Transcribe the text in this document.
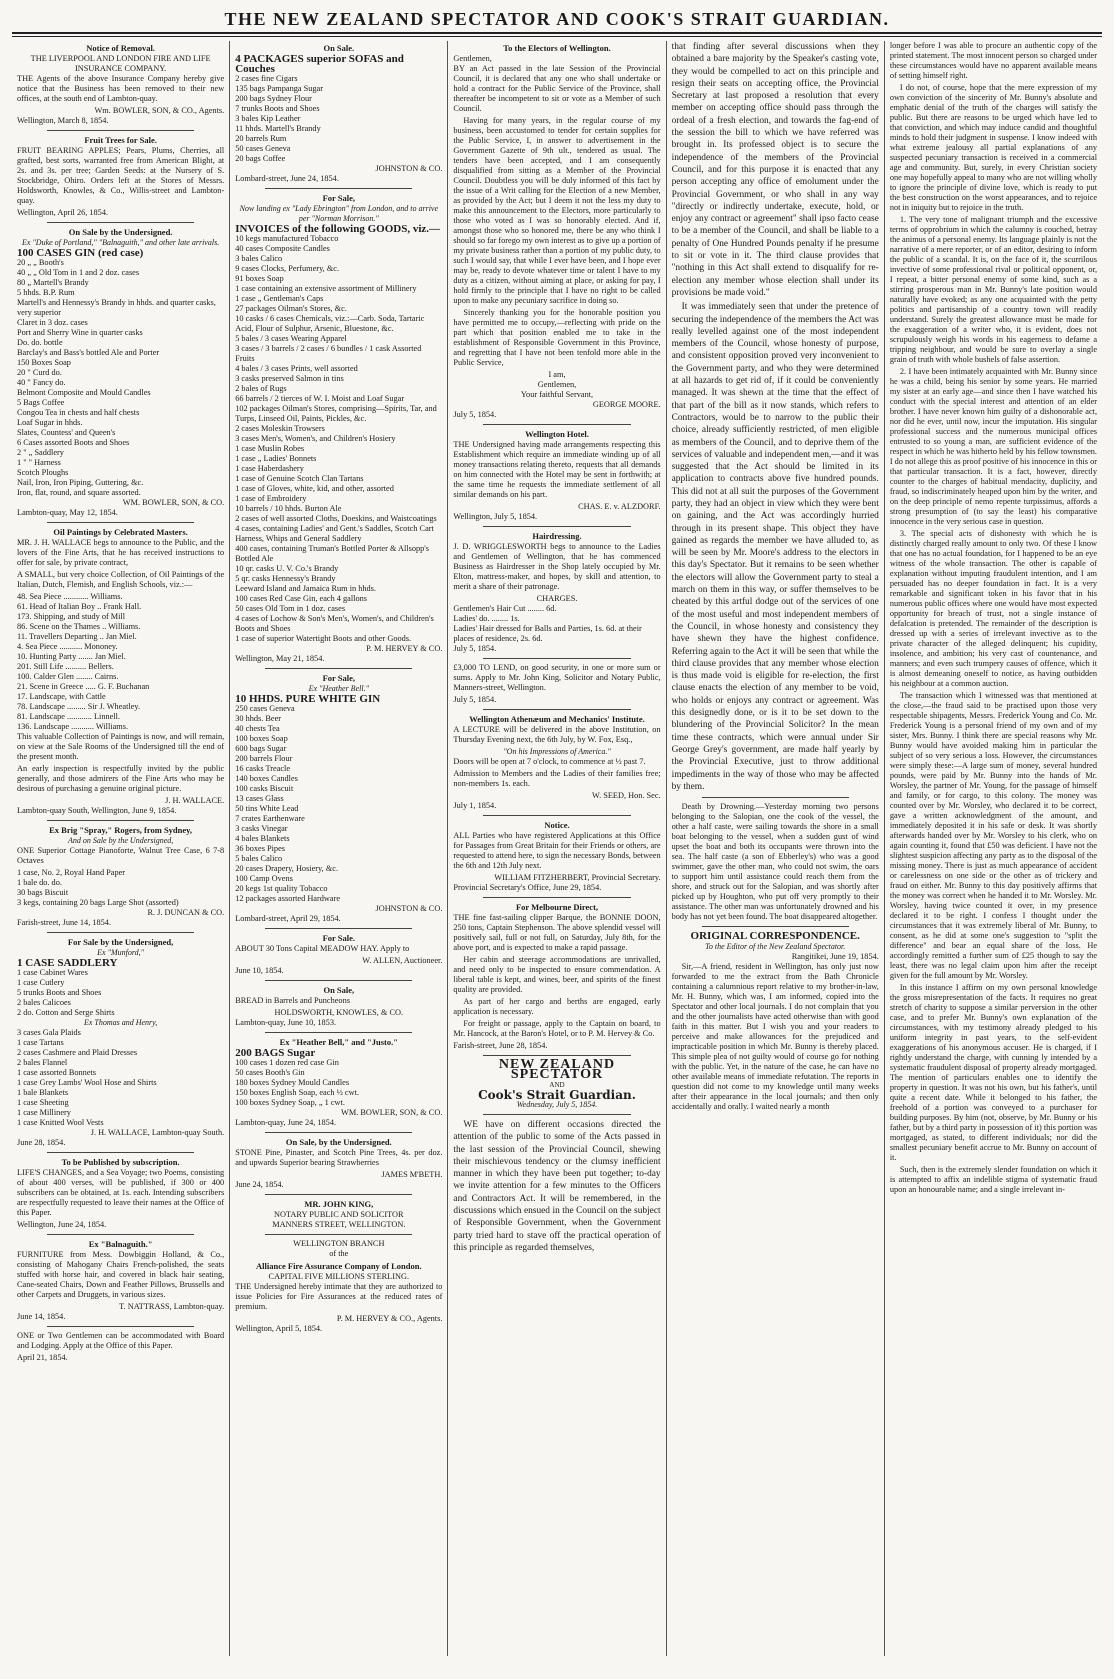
THE NEW ZEALAND SPECTATOR AND COOK'S STRAIT GUARDIAN.
Notice of Removal.
THE LIVERPOOL AND LONDON FIRE AND LIFE INSURANCE COMPANY.

THE Agents of the above Insurance Company hereby give notice that the Business has been removed to their new offices, at the south end of Lambton-quay.

Wm. BOWLER, SON, & CO., Agents.
Wellington, March 8, 1854.
Fruit Trees for Sale.

FRUIT BEARING APPLES; Pears, Plums, Cherries, all grafted, best sorts, warranted free from American Blight, at 2s. and 3s. per tree; Garden Seeds: at the Nursery of S. Stockbridge, Ohiro. Orders left at the Stores of Messrs. Holdsworth, Knowles, & Co., Willis-street and Lambton-quay.

Wellington, April 26, 1854.
On Sale by the Undersigned.
Ex "Duke of Portland," "Balnaguith," and other late arrivals.
100 CASES GIN (red case)
20 „ „ Booth's
40 „ „ Old Tom in 1 and 2 doz. cases
80 „ Martell's Brandy
5 hhds. B.P. Rum
Martell's and Hennessy's Brandy in hhds. and quarter casks, very superior
Claret in 3 doz. cases
Port and Sherry Wine in quarter casks
Do. do. bottle
Barclay's and Bass's bottled Ale and Porter
150 Boxes Soap
20 " Curd do.
40 " Fancy do.
Belmont Composite and Mould Candles
5 Bags Coffee
Congou Tea in chests and half chests
Loaf Sugar in hhds.
Slates, Countess' and Queen's
6 Cases assorted Boots and Shoes
2 " „ Saddlery
1 " " Harness
Scotch Ploughs
Nail, Iron, Iron Piping, Guttering, &c.
Iron, flat, round, and square assorted.
WM. BOWLER, SON, & CO.
Lambton-quay, May 12, 1854.
Oil Paintings by Celebrated Masters.

MR. J. H. WALLACE begs to announce to the Public, and the lovers of the Fine Arts, that he has received instructions to offer for sale, by private contract,

A SMALL, but very choice Collection, of Oil Paintings of the Italian, Dutch, Flemish, and English Schools, viz.:—

48. Sea Piece ............ Williams.
61. Head of Italian Boy .. Frank Hall.
173. Shipping, and study of Mill
86. Scene on the Thames .. Williams.
11. Travellers Departing .. Jan Miel.
4. Sea Piece ........... Mononey.
10. Hunting Party ....... Jan Miel.
201. Still Life .......... Bellers.
100. Calder Glen ........ Cairns.
21. Scene in Greece ..... G. F. Buchanan
17. Landscape, with Cattle
78. Landscape ......... Sir J. Wheatley.
81. Landscape ............ Linnell.
136. Landscape ........... Williams.

This valuable Collection of Paintings is now, and will remain, on view at the Sale Rooms of the Undersigned till the end of the present month.

An early inspection is respectfully invited by the public generally, and those admirers of the Fine Arts who may be desirous of purchasing a genuine original picture.

J. H. WALLACE.
Lambton-quay South, Wellington, June 9, 1854.
Ex Brig "Spray," Rogers, from Sydney,
And on Sale by the Undersigned,

ONE Superior Cottage Pianoforte, Walnut Tree Case, 6 7-8 Octaves

1 case, No. 2, Royal Hand Paper
1 bale do. do.
30 bags Biscuit
3 kegs, containing 20 bags Large Shot (assorted)
R. J. DUNCAN & CO.
Farish-street, June 14, 1854.
For Sale by the Undersigned,
Ex "Munford,"
1 CASE SADDLERY
1 case Cabinet Wares
1 case Cutlery
5 trunks Boots and Shoes
2 bales Calicoes
2 do. Cotton and Serge Shirts
Ex Thomas and Henry,
3 cases Gala Plaids
1 case Tartans
2 cases Cashmere and Plaid Dresses
2 bales Flannel
1 case assorted Bonnets
1 case Grey Lambs' Wool Hose and Shirts
1 bale Blankets
1 case Sheeting
1 case Millinery
1 case Knitted Wool Vests
J. H. WALLACE, Lambton-quay South.
June 28, 1854.
To be Published by subscription.

LIFE'S CHANGES, and a Sea Voyage; two Poems, consisting of about 400 verses, will be published, if 300 or 400 subscribers can be obtained, at 1s. each. Intending subscribers are respectfully requested to leave their names at the Office of this Paper.

Wellington, June 24, 1854.
Ex "Balnaguith."

FURNITURE from Mess. Dowbiggin Holland, & Co., consisting of Mahogany Chairs French-polished, the seats stuffed with horse hair, and covered in black hair seating, Cane-seated Chairs, Down and Feather Pillows, Brussells and other Carpets and Druggets, in various sizes.

T. NATTRASS, Lambton-quay.
June 14, 1854.

ONE or Two Gentlemen can be accommodated with Board and Lodging. Apply at the Office of this Paper.

April 21, 1854.
On Sale.
4 PACKAGES superior SOFAS and Couches
2 cases fine Cigars
135 bags Pampanga Sugar
200 bags Sydney Flour
7 trunks Boots and Shoes
3 bales Kip Leather
11 hhds. Martell's Brandy
20 barrels Rum
50 cases Geneva
20 bags Coffee
JOHNSTON & CO.
Lombard-street, June 24, 1854.
For Sale,
Now landing ex "Lady Ebrington" from London, and to arrive per "Norman Morrison."
INVOICES of the following GOODS, viz.—
10 kegs manufactured Tobacco
40 cases Composite Candles
3 bales Calico
9 cases Clocks, Perfumery, &c.
91 boxes Soap
1 case containing an extensive assortment of Millinery
1 case „ Gentleman's Caps
27 packages Oilman's Stores, &c.
10 casks / 6 cases Chemicals, viz.:—Carb. Soda, Tartaric Acid, Flour of Sulphur, Arsenic, Bluestone, &c.
5 bales / 3 cases Wearing Apparel
3 cases / 3 barrels / 2 cases / 6 bundles / 1 cask Assorted Fruits
4 bales / 3 cases Prints, well assorted
3 casks preserved Salmon in tins
2 bales of Rugs
66 barrels / 2 tierces of W. I. Moist and Loaf Sugar
102 packages Oilman's Stores, comprising—Spirits, Tar, and Turps, Linseed Oil, Paints, Pickles, &c.
2 cases Moleskin Trowsers
3 cases Men's, Women's, and Children's Hosiery
1 case Muslin Robes
1 case „ Ladies' Bonnets
1 case Haberdashery
1 case of Genuine Scotch Clan Tartans
1 case of Gloves, white, kid, and other, assorted
1 case of Embroidery
10 barrels / 10 hhds. Burton Ale
2 cases of well assorted Cloths, Doeskins, and Waistcoatings
4 cases, containing Ladies' and Gent.'s Saddles, Scotch Cart Harness, Whips and General Saddlery
400 cases, containing Truman's Bottled Porter & Allsopp's Bottled Ale
10 qr. casks U. V. Co.'s Brandy
5 qr. casks Hennessy's Brandy
Leeward Island and Jamaica Rum in hhds.
100 cases Red Case Gin, each 4 gallons
50 cases Old Tom in 1 doz. cases
4 cases of Lochow & Son's Men's, Women's, and Children's Boots and Shoes
1 case of superior Watertight Boots and other Goods.
P. M. HERVEY & CO.
Wellington, May 21, 1854.
For Sale,
Ex "Heather Bell."
10 HHDS. PURE WHITE GIN
250 cases Geneva
30 hhds. Beer
40 chests Tea
100 boxes Soap
600 bags Sugar
200 barrels Flour
16 casks Treacle
140 boxes Candles
100 casks Biscuit
13 cases Glass
50 tins White Lead
7 crates Earthenware
3 casks Vinegar
4 bales Blankets
36 boxes Pipes
5 bales Calico
20 cases Drapery, Hosiery, &c.
100 Camp Ovens
20 kegs 1st quality Tobacco
12 packages assorted Hardware
JOHNSTON & CO.
Lombard-street, April 29, 1854.
For Sale.

ABOUT 30 Tons Capital MEADOW HAY. Apply to

W. ALLEN, Auctioneer.
June 10, 1854.
On Sale,

BREAD in Barrels and Puncheons

HOLDSWORTH, KNOWLES, & CO.
Lambton-quay, June 10, 1853.
Ex "Heather Bell," and "Justo."
200 BAGS Sugar
100 cases 1 dozen red case Gin
50 cases Booth's Gin
180 boxes Sydney Mould Candles
150 boxes English Soap, each ½ cwt.
100 boxes Sydney Soap, „ 1 cwt.
WM. BOWLER, SON, & CO.
Lambton-quay, June 24, 1854.
On Sale, by the Undersigned.

STONE Pine, Pinaster, and Scotch Pine Trees, 4s. per doz. and upwards Superior bearing Strawberries

JAMES M'BETH.
June 24, 1854.
MR. JOHN KING,
NOTARY PUBLIC AND SOLICITOR
MANNERS STREET, WELLINGTON.
WELLINGTON BRANCH
of the
Alliance Fire Assurance Company of London.
CAPITAL FIVE MILLIONS STERLING.

THE Undersigned hereby intimate that they are authorized to issue Policies for Fire Assurances at the reduced rates of premium.

P. M. HERVEY & CO., Agents.
Wellington, April 5, 1854.
To the Electors of Wellington.
Gentlemen,

BY an Act passed in the late Session of the Provincial Council, it is declared that any one who shall undertake or hold a contract for the Public Service of the Province, shall thereafter be incompetent to sit or vote as a Member of such Council.

Having for many years, in the regular course of my business, been accustomed to tender for certain supplies for the Public Service, I, in answer to advertisement in the Government Gazette of 9th ult., tendered as usual. The tenders have been accepted, and I am consequently disqualified from sitting as a Member of the Provincial Council. Doubtless you will be duly informed of this fact by the issue of a Writ calling for the Election of a new Member, as provided by the Act; but I deem it not the less my duty to make this announcement to the Electors, more particularly to those who voted as I was so honorably elected. And if, amongst those who so honored me, there be any who think I should so far forego my own interest as to give up a portion of my private business rather than a portion of my public duty, to such I would say, that while I ever have been, and I hope ever may be, ready to devote whatever time or talent I have to my duty as a citizen, without aiming at place, or asking for pay, I hold firmly to the principle that I have no right to be called upon to make any pecuniary sacrifice in doing so.

Sincerely thanking you for the honorable position you have permitted me to occupy,—reflecting with pride on the part which that position enabled me to take in the establishment of Responsible Government in this Province, and regretting that I have not been tenfold more able in the Public Service,

I am,
Gentlemen,
Your faithful Servant,
GEORGE MOORE.
July 5, 1854.
Wellington Hotel.

THE Undersigned having made arrangements respecting this Establishment which require an immediate winding up of all money transactions relating thereto, requests that all demands on him connected with the Hotel may be sent in forthwith; at the same time he requests the immediate settlement of all similar demands on his part.

CHAS. E. v. ALZDORF.
Wellington, July 5, 1854.
Hairdressing.

J. D. WRIGGLESWORTH begs to announce to the Ladies and Gentlemen of Wellington, that he has commenced Business as Hairdresser in the Shop lately occupied by Mr. Elton, mattress-maker, and hopes, by skill and attention, to merit a share of their patronage.

CHARGES.
Gentlemen's Hair Cut ........ 6d.
Ladies' do. ........ 1s.
Ladies' Hair dressed for Balls and Parties, 1s. 6d. at their places of residence, 2s. 6d.
July 5, 1854.

£3,000 TO LEND, on good security, in one or more sum or sums. Apply to Mr. John King, Solicitor and Notary Public, Manners-street, Wellington.

July 5, 1854.
Wellington Athenæum and Mechanics' Institute.

A LECTURE will be delivered in the above Institution, on Thursday Evening next, the 6th July, by W. Fox, Esq.,

"On his Impressions of America."

Doors will be open at 7 o'clock, to commence at ½ past 7.

Admission to Members and the Ladies of their families free; non-members 1s. each.

W. SEED, Hon. Sec.
July 1, 1854.
Notice.

ALL Parties who have registered Applications at this Office for Passages from Great Britain for their Friends or others, are requested to attend here, to sign the necessary Bonds, between the 6th and 12th July next.

WILLIAM FITZHERBERT, Provincial Secretary.
Provincial Secretary's Office, June 29, 1854.
For Melbourne Direct,

THE fine fast-sailing clipper Barque, the BONNIE DOON, 250 tons, Captain Stephenson. The above splendid vessel will positively sail, full or not full, on Saturday, July 8th, for the above port, and is expected to make a rapid passage.

Her cabin and steerage accommodations are unrivalled, and need only to be inspected to ensure commendation. A liberal table is kept, and wines, beer, and spirits of the finest quality are provided.

As part of her cargo and berths are engaged, early application is necessary.

For freight or passage, apply to the Captain on board, to Mr. Hancock, at the Baron's Hotel, or to P. M. Hervey & Co.

Farish-street, June 28, 1854.
NEW ZEALAND SPECTATOR
AND
Cook's Strait Guardian.
Wednesday, July 5, 1854.

WE have on different occasions directed the attention of the public to some of the Acts passed in the last session of the Provincial Council, shewing their mischievous tendency or the clumsy inefficient manner in which they have been put together; to-day we invite attention for a few minutes to the Officers and Contractors Act. It will be remembered, in the discussions which ensued in the Council on the subject of Responsible Government, when the Government party tried hard to stave off the practical operation of this principle as regarded themselves,

that finding after several discussions when they obtained a bare majority by the Speaker's casting vote, they would be compelled to act on this principle and resign their seats on accepting office, the Provincial Secretary at last proposed a resolution that every member on accepting office should pass through the ordeal of a fresh election, and towards the fag-end of the session the bill to which we have referred was brought in. Its professed object is to secure the independence of the members of the Provincial Council, and for this purpose it is enacted that any person accepting any office of emolument under the Provincial Government, or who shall in any way "directly or indirectly undertake, execute, hold, or enjoy any contract or agreement" shall ipso facto cease to be a member of the Council, and shall be liable to a penalty of One Hundred Pounds penalty if he presume to sit or vote in it. The third clause provides that "nothing in this Act shall extend to disqualify for re-election any member whose election shall under its provisions be made void."

It was immediately seen that under the pretence of securing the independence of the members the Act was really levelled against one of the most independent members of the Council, whose honesty of purpose, and consistent opposition proved very inconvenient to the Government party, and who they were determined at all hazards to get rid of, if it could be conveniently managed. It was shewn at the time that the effect of that part of the bill as it now stands, which refers to Contractors, would be to narrow to the public their choice, already sufficiently restricted, of men eligible as members of the Council, and to deprive them of the services of valuable and independent men,—and it was suggested that the Act should be limited in its application to contracts above five hundred pounds. This did not at all suit the purposes of the Government party, they had an object in view which they were bent on gaining, and the Act was accordingly hurried through in its present shape. This object they have gained as regards the member we have alluded to, as will be seen by Mr. Moore's address to the electors in this day's Spectator. But it remains to be seen whether the electors will allow the Government party to steal a march on them in this way, or suffer themselves to be cheated by this artful dodge out of the services of one of the most useful and most independent members of the Council, in whose honesty and consistency they have shewn they have the highest confidence. Referring again to the Act it will be seen that while the third clause provides that any member whose election is thus made void is eligible for re-election, the first clause enacts the election of any member to be void, who holds or enjoys any contract or agreement. Was this designedly done, or is it to be set down to the blundering of the Provincial Solicitor? In the mean time these contracts, which were annual under Sir George Grey's government, are made half yearly by the Provincial Executive, just to throw additional impediments in the way of those who may be affected by them.

Death by Drowning.—Yesterday morning two persons belonging to the Salopian, one the cook of the vessel, the other a half caste, were sailing towards the shore in a small boat belonging to the vessel, when a sudden gust of wind upset the boat and both its occupants were thrown into the sea. The half caste (a son of Ebberley's) who was a good swimmer, gave the other man, who could not swim, the oars to support him until assistance could reach them from the shore, and struck out for the Salopian, and was shortly after picked up by Houghton, who put off very promptly to their assistance. The other man was unfortunately drowned and his body has not yet been found. The boat disappeared altogether.

ORIGINAL CORRESPONDENCE.
To the Editor of the New Zealand Spectator.
Rangitikei, June 19, 1854.

Sir,—A friend, resident in Wellington, has only just now forwarded to me the extract from the Bath Chronicle containing a calumnious report relative to my brother-in-law, Mr. H. Bunny, which was, I am informed, copied into the Spectator and other local journals. I do not complain that you and the other journalists have acted otherwise than with good faith in this matter. But I wish you and your readers to perceive and make allowances for the prejudiced and impracticable position in which Mr. Bunny is thereby placed. This simple plea of not guilty would of course go for nothing with the public. Yet, in the nature of the case, he can have no other available means of immediate refutation. The reports in question did not come to my knowledge until many weeks after their appearance in the local journals; and then only accidentally and orally. I waited nearly a month

longer before I was able to procure an authentic copy of the printed statement. The most innocent person so charged under these circumstances would have no apparent available means of setting himself right.

I do not, of course, hope that the mere expression of my own conviction of the sincerity of Mr. Bunny's absolute and emphatic denial of the truth of the charges will satisfy the public. But there are reasons to be urged which have led to that conviction, and which may induce candid and thoughtful minds to hold their judgment in suspense. I know indeed with what extreme jealousy all partial explanations of any suspected pecuniary transaction is received in a commercial age and community. But, surely, in every Christian society one may hopefully appeal to many who are not willing wholly to ignore the principle of divine love, which is ready to put the best construction on the worst appearances, and to rejoice not in iniquity but to rejoice in the truth.

1. The very tone of malignant triumph and the excessive terms of opprobrium in which the calumny is couched, betray the animus of a personal enemy. Its language plainly is not the narrative of a mere reporter, or of an editor, desiring to inform the public of a scandal. It is, on the face of it, the scurrilous invective of some professional rival or political opponent, or, I repeat, a bitter personal enemy of some kind, such as a stirring prosperous man in Mr. Bunny's late position would naturally have evoked; as any one acquainted with the petty politics and partisanship of a country town will readily understand. Surely the greatest allowance must be made for the exaggeration of a writer who, it is evident, does not scrupulously weigh his words in his eagerness to defame a tripping neighbour, and would be sure to overlay a single grain of truth with whole bushels of false assertion.

2. I have been intimately acquainted with Mr. Bunny since he was a child, being his senior by some years. He married my sister at an early age—and since then I have watched his conduct with the special interest and attention of an elder brother. I have never known him guilty of a dishonorable act, nor did he ever, until now, incur the imputation. His singular professional success and the numerous municipal offices entrusted to so young a man, are sufficient evidence of the respect in which he was hitherto held by his fellow townsmen. I do not allege this as proof positive of his innocence in this or that particular transaction. It is a fact, however, directly counter to the charges of habitual mendacity, duplicity, and fraud, so indiscriminately heaped upon him by the writer, and on the deep principle of nemo repente turpissimus, affords a strong presumption of (to say the least) his comparative innocence in the very serious case in question.

3. The special acts of dishonesty with which he is distinctly charged really amount to only two. Of these I know that one has no actual foundation, for I happened to be an eye witness of the whole transaction. The other is capable of explanation without imputing fraudulent intention, and I am persuaded has no deeper foundation in fact. It is a very remarkable and significant token in his favor that in his numerous public offices where one would have most expected opportunity for breach of trust, not a single instance of defalcation is pretended. The remainder of the description is dressed up with a series of irrelevant invective as to the private character of the alleged delinquent; his cupidity, insolence, and ambition; his very cast of countenance, and manners; and even such trumpery causes of offence, which it is almost demeaning oneself to notice, as having outbidden his neighbour at a common auction.

The transaction which I witnessed was that mentioned at the close,—the fraud said to be practised upon those very respectable shipagents, Messrs. Frederick Young and Co. Mr. Frederick Young is a personal friend of my own and of my sister, Mrs. Bunny. I think there are special reasons why Mr. Bunny would have avoided making him in particular the subject of so very serious a loss. However, the circumstances were simply these:—A large sum of money, several hundred pounds, were paid by Mr. Bunny into the hands of Mr. Worsley, the partner of Mr. Young, for the passage of himself and family, or for cargo, to this colony. The money was counted over by Mr. Worsley, who declared it to be correct, gave a written acknowledgment of the amount, and immediately deposited it in his safe or desk. It was shortly afterwards handed over by Mr. Worsley to his clerk, who on again counting it, found that £50 was deficient. I have not the slightest suspicion affecting any party as to the disposal of the missing money. There is just as much appearance of accident or carelessness on one side or the other as of trickery and fraud on either. Mr. Bunny to this day positively affirms that the money was correct when he handed it to Mr. Worsley. Mr. Worsley, having twice counted it over, in my presence declared it to be right. I confess I thought under the circumstances that it was extremely liberal of Mr. Bunny, to consent, as he did at some one's suggestion to "split the difference" and bear an equal share of the loss. He accordingly remitted a further sum of £25 though to say the least, there was no legal claim upon him after the receipt given for the full amount by Mr. Worsley.

In this instance I affirm on my own personal knowledge the gross misrepresentation of the facts. It requires no great stretch of charity to suppose a similar perversion in the other case, and to prefer Mr. Bunny's own explanation of the circumstances, with my testimony already pledged to his uniform integrity in past years, to the self-evident exaggerations of his anonymous accuser. He is charged, if I rightly understand the charge, with cunning ly intended by a systematic fraudulent disposal of property already mortgaged. The mention of particulars enables one to identify the property in question. It was not his own, but his father's, until quite a recent date. While it belonged to his father, the freehold of a portion was conveyed to a purchaser for building purposes. By him (not, observe, by Mr. Bunny or his father, but by a third party in possession of it) this portion was mortgaged, as stated, to different individuals; nor did the smallest pecuniary benefit accrue to Mr. Bunny on account of it.

Such, then is the extremely slender foundation on which it is attempted to affix an indelible stigma of systematic fraud upon an honourable name; and a single irrelevant in-
